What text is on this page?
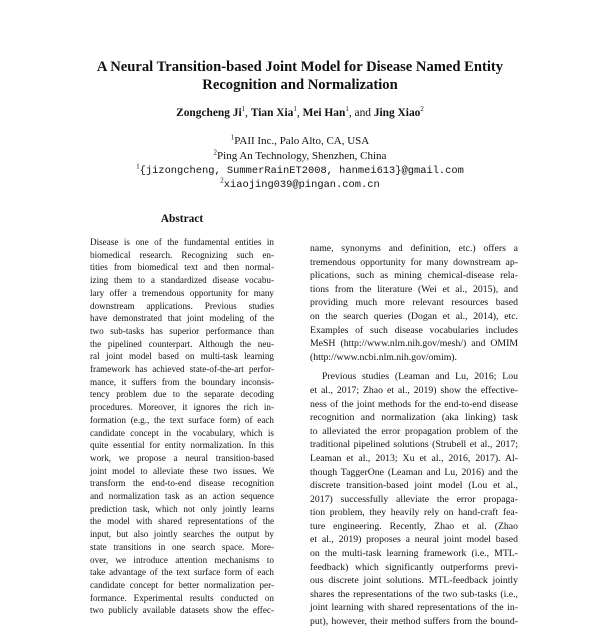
A Neural Transition-based Joint Model for Disease Named Entity
Recognition and Normalization
Zongcheng Ji$^1$, Tian Xia$^1$, Mei Han$^1$, and Jing Xiao$^2$
$^1$PAII Inc., Palo Alto, CA, USA
$^2$Ping An Technology, Shenzhen, China
$^1${jizongcheng, SummerRainET2008, hanmei613}@gmail.com
$^2$xiaojing039@pingan.com.cn
Abstract
Disease is one of the fundamental entities in
biomedical research. Recognizing such en-
tities from biomedical text and then normal-
izing them to a standardized disease vocabu-
lary offer a tremendous opportunity for many
downstream applications. Previous studies
have demonstrated that joint modeling of the
two sub-tasks has superior performance than
the pipelined counterpart. Although the neu-
ral joint model based on multi-task learning
framework has achieved state-of-the-art perfor-
mance, it suffers from the boundary inconsis-
tency problem due to the separate decoding
procedures. Moreover, it ignores the rich in-
formation (e.g., the text surface form) of each
candidate concept in the vocabulary, which is
quite essential for entity normalization. In this
work, we propose a neural transition-based
joint model to alleviate these two issues. We
transform the end-to-end disease recognition
and normalization task as an action sequence
prediction task, which not only jointly learns
the model with shared representations of the
input, but also jointly searches the output by
state transitions in one search space. More-
over, we introduce attention mechanisms to
take advantage of the text surface form of each
candidate concept for better normalization per-
formance. Experimental results conducted on
two publicly available datasets show the effec-

name, synonyms and definition, etc.) offers a
tremendous opportunity for many downstream ap-
plications, such as mining chemical-disease rela-
tions from the literature (Wei et al., 2015), and
providing much more relevant resources based
on the search queries (Dogan et al., 2014), etc.
Examples of such disease vocabularies includes
MeSH (http://www.nlm.nih.gov/mesh/) and OMIM
(http://www.ncbi.nlm.nih.gov/omim).

Previous studies (Leaman and Lu, 2016; Lou
et al., 2017; Zhao et al., 2019) show the effective-
ness of the joint methods for the end-to-end disease
recognition and normalization (aka linking) task
to alleviated the error propagation problem of the
traditional pipelined solutions (Strubell et al., 2017;
Leaman et al., 2013; Xu et al., 2016, 2017). Al-
though TaggerOne (Leaman and Lu, 2016) and the
discrete transition-based joint model (Lou et al.,
2017) successfully alleviate the error propaga-
tion problem, they heavily rely on hand-craft fea-
ture engineering. Recently, Zhao et al. (Zhao
et al., 2019) proposes a neural joint model based
on the multi-task learning framework (i.e., MTL-
feedback) which significantly outperforms previ-
ous discrete joint solutions. MTL-feedback jointly
shares the representations of the two sub-tasks (i.e.,
joint learning with shared representations of the in-
put), however, their method suffers from the bound-
